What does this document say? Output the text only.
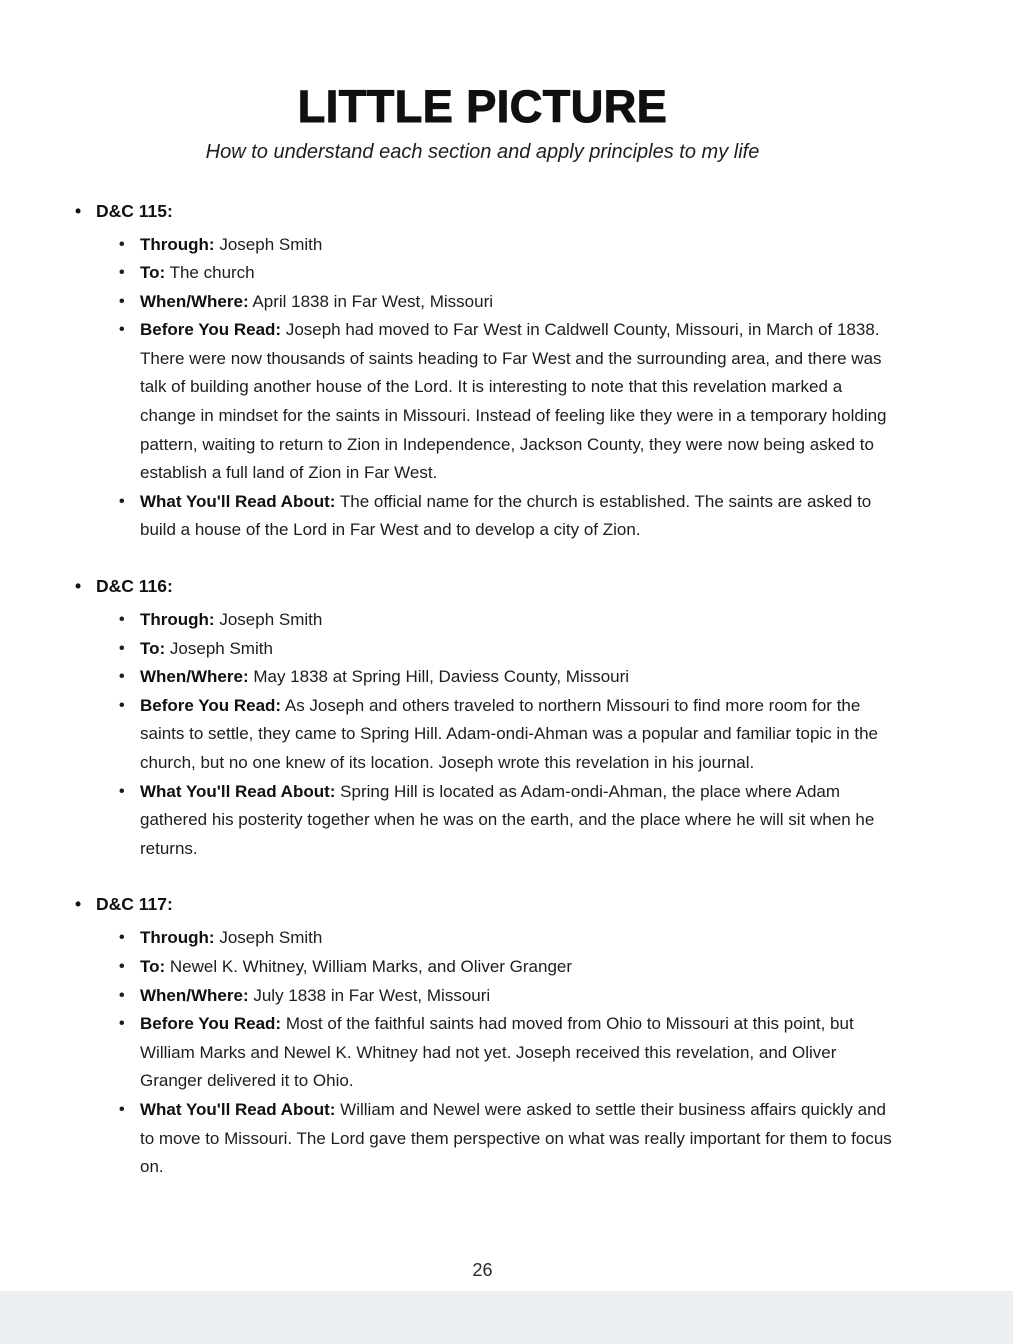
LITTLE PICTURE
How to understand each section and apply principles to my life
•
D&C 115:
•

Through: Joseph Smith

•

To: The church

•

When/Where: April 1838 in Far West, Missouri

•

Before You Read: Joseph had moved to Far West in Caldwell County, Missouri, in March of 1838. There were now thousands of saints heading to Far West and the surrounding area, and there was talk of building another house of the Lord. It is interesting to note that this revelation marked a change in mindset for the saints in Missouri. Instead of feeling like they were in a temporary holding pattern, waiting to return to Zion in Independence, Jackson County, they were now being asked to establish a full land of Zion in Far West.

•

What You'll Read About: The official name for the church is established. The saints are asked to build a house of the Lord in Far West and to develop a city of Zion.

•
D&C 116:
•

Through: Joseph Smith

•

To: Joseph Smith

•

When/Where: May 1838 at Spring Hill, Daviess County, Missouri

•

Before You Read: As Joseph and others traveled to northern Missouri to find more room for the saints to settle, they came to Spring Hill. Adam-ondi-Ahman was a popular and familiar topic in the church, but no one knew of its location. Joseph wrote this revelation in his journal.

•

What You'll Read About: Spring Hill is located as Adam-ondi-Ahman, the place where Adam gathered his posterity together when he was on the earth, and the place where he will sit when he returns.

•
D&C 117:
•

Through: Joseph Smith

•

To: Newel K. Whitney, William Marks, and Oliver Granger

•

When/Where: July 1838 in Far West, Missouri

•

Before You Read: Most of the faithful saints had moved from Ohio to Missouri at this point, but William Marks and Newel K. Whitney had not yet. Joseph received this revelation, and Oliver Granger delivered it to Ohio.

•

What You'll Read About: William and Newel were asked to settle their business affairs quickly and to move to Missouri. The Lord gave them perspective on what was really important for them to focus on.

26
